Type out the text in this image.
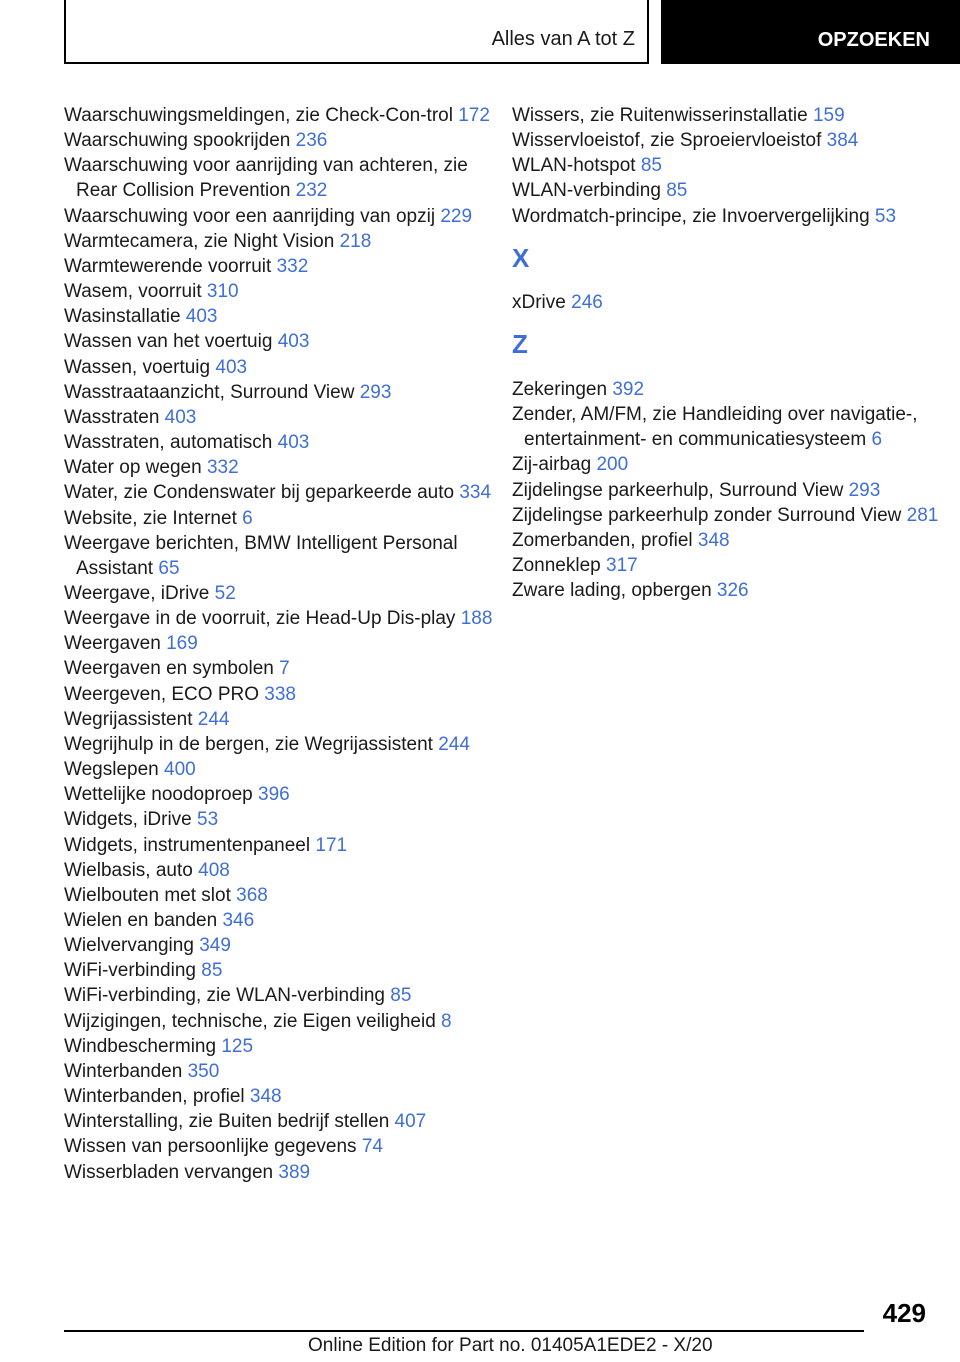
Alles van A tot Z	OPZOEKEN
Waarschuwingsmeldingen, zie Check-Con-trol 172
Waarschuwing spookrijden 236
Waarschuwing voor aanrijding van achteren, zie Rear Collision Prevention 232
Waarschuwing voor een aanrijding van opzij 229
Warmtecamera, zie Night Vision 218
Warmtewerende voorruit 332
Wasem, voorruit 310
Wasinstallatie 403
Wassen van het voertuig 403
Wassen, voertuig 403
Wasstraataanzicht, Surround View 293
Wasstraten 403
Wasstraten, automatisch 403
Water op wegen 332
Water, zie Condenswater bij geparkeerde auto 334
Website, zie Internet 6
Weergave berichten, BMW Intelligent Personal Assistant 65
Weergave, iDrive 52
Weergave in de voorruit, zie Head-Up Dis-play 188
Weergaven 169
Weergaven en symbolen 7
Weergeven, ECO PRO 338
Wegrijassistent 244
Wegrijhulp in de bergen, zie Wegrijassistent 244
Wegslepen 400
Wettelijke noodoproep 396
Widgets, iDrive 53
Widgets, instrumentenpaneel 171
Wielbasis, auto 408
Wielbouten met slot 368
Wielen en banden 346
Wielvervanging 349
WiFi-verbinding 85
WiFi-verbinding, zie WLAN-verbinding 85
Wijzigingen, technische, zie Eigen veiligheid 8
Windbescherming 125
Winterbanden 350
Winterbanden, profiel 348
Winterstalling, zie Buiten bedrijf stellen 407
Wissen van persoonlijke gegevens 74
Wisserbladen vervangen 389
Wissers, zie Ruitenwisserinstallatie 159
Wisservloeistof, zie Sproeiervloeistof 384
WLAN-hotspot 85
WLAN-verbinding 85
Wordmatch-principe, zie Invoervergelijking 53
X
xDrive 246
Z
Zekeringen 392
Zender, AM/FM, zie Handleiding over navigatie-, entertainment- en communicatiesysteem 6
Zij-airbag 200
Zijdelingse parkeerhulp, Surround View 293
Zijdelingse parkeerhulp zonder Surround View 281
Zomerbanden, profiel 348
Zonneklep 317
Zware lading, opbergen 326
429
Online Edition for Part no. 01405A1EDE2 - X/20
